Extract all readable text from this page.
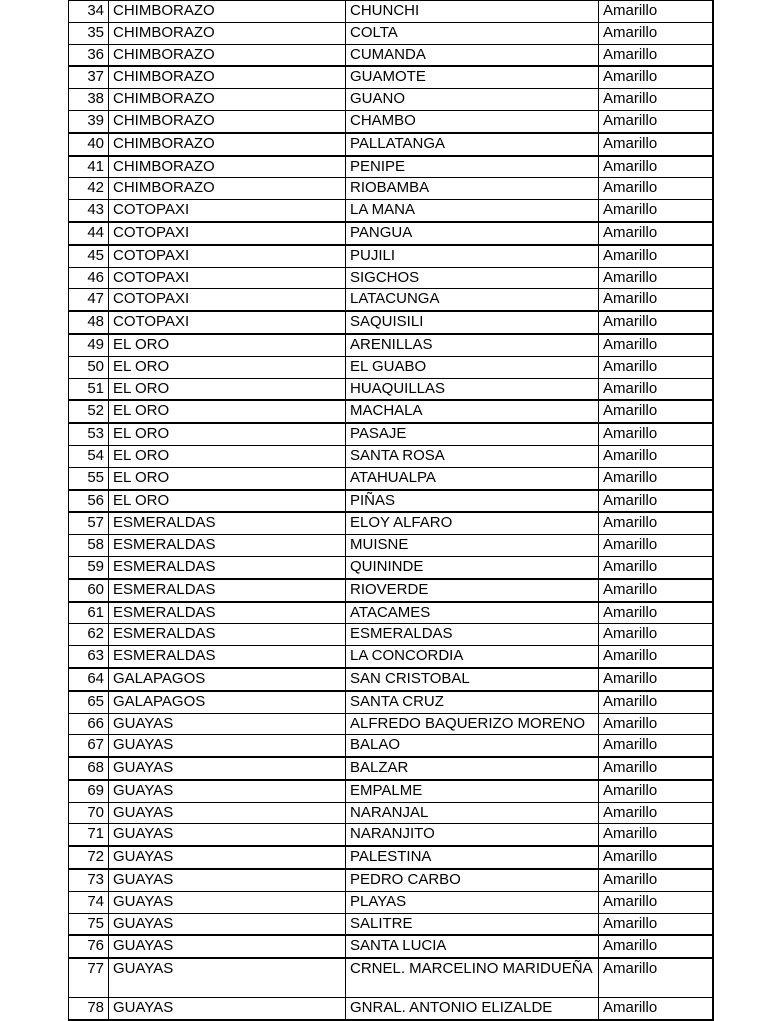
34	CHIMBORAZO	CHUNCHI	Amarillo
35	CHIMBORAZO	COLTA	Amarillo
36	CHIMBORAZO	CUMANDA	Amarillo
37	CHIMBORAZO	GUAMOTE	Amarillo
38	CHIMBORAZO	GUANO	Amarillo
39	CHIMBORAZO	CHAMBO	Amarillo
40	CHIMBORAZO	PALLATANGA	Amarillo
41	CHIMBORAZO	PENIPE	Amarillo
42	CHIMBORAZO	RIOBAMBA	Amarillo
43	COTOPAXI	LA MANA	Amarillo
44	COTOPAXI	PANGUA	Amarillo
45	COTOPAXI	PUJILI	Amarillo
46	COTOPAXI	SIGCHOS	Amarillo
47	COTOPAXI	LATACUNGA	Amarillo
48	COTOPAXI	SAQUISILI	Amarillo
49	EL ORO	ARENILLAS	Amarillo
50	EL ORO	EL GUABO	Amarillo
51	EL ORO	HUAQUILLAS	Amarillo
52	EL ORO	MACHALA	Amarillo
53	EL ORO	PASAJE	Amarillo
54	EL ORO	SANTA ROSA	Amarillo
55	EL ORO	ATAHUALPA	Amarillo
56	EL ORO	PIÑAS	Amarillo
57	ESMERALDAS	ELOY ALFARO	Amarillo
58	ESMERALDAS	MUISNE	Amarillo
59	ESMERALDAS	QUININDE	Amarillo
60	ESMERALDAS	RIOVERDE	Amarillo
61	ESMERALDAS	ATACAMES	Amarillo
62	ESMERALDAS	ESMERALDAS	Amarillo
63	ESMERALDAS	LA CONCORDIA	Amarillo
64	GALAPAGOS	SAN CRISTOBAL	Amarillo
65	GALAPAGOS	SANTA CRUZ	Amarillo
66	GUAYAS	ALFREDO BAQUERIZO MORENO	Amarillo
67	GUAYAS	BALAO	Amarillo
68	GUAYAS	BALZAR	Amarillo
69	GUAYAS	EMPALME	Amarillo
70	GUAYAS	NARANJAL	Amarillo
71	GUAYAS	NARANJITO	Amarillo
72	GUAYAS	PALESTINA	Amarillo
73	GUAYAS	PEDRO CARBO	Amarillo
74	GUAYAS	PLAYAS	Amarillo
75	GUAYAS	SALITRE	Amarillo
76	GUAYAS	SANTA LUCIA	Amarillo
77	GUAYAS	CRNEL. MARCELINO MARIDUEÑA	Amarillo
78	GUAYAS	GNRAL. ANTONIO ELIZALDE	Amarillo
